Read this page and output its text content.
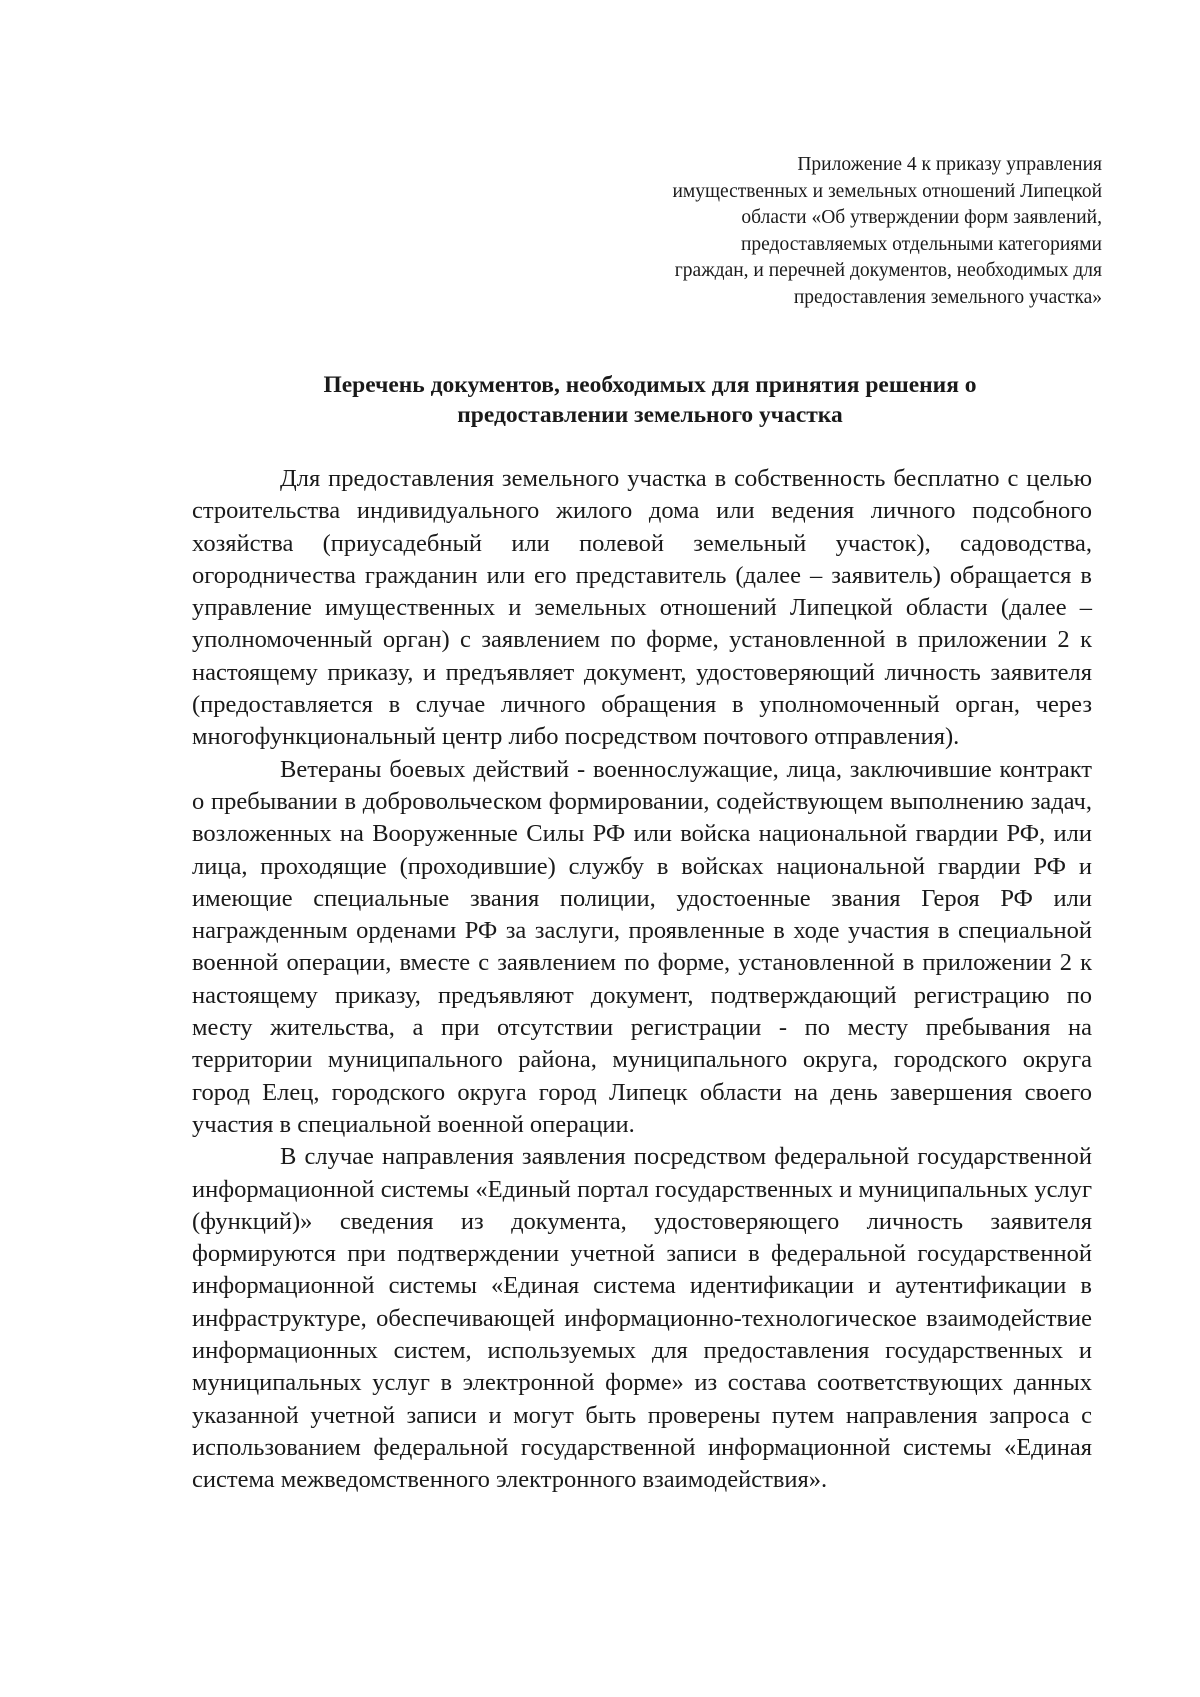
Приложение 4 к приказу управления
имущественных и земельных отношений Липецкой
области «Об утверждении форм заявлений,
предоставляемых отдельными категориями
граждан, и перечней документов, необходимых для
предоставления земельного участка»
Перечень документов, необходимых для принятия решения о
предоставлении земельного участка

Для предоставления земельного участка в собственность бесплатно с целью строительства индивидуального жилого дома или ведения личного подсобного хозяйства (приусадебный или полевой земельный участок), садоводства, огородничества гражданин или его представитель (далее – заявитель) обращается в управление имущественных и земельных отношений Липецкой области (далее – уполномоченный орган) с заявлением по форме, установленной в приложении 2 к настоящему приказу, и предъявляет документ, удостоверяющий личность заявителя (предоставляется в случае личного обращения в уполномоченный орган, через многофункциональный центр либо посредством почтового отправления).

Ветераны боевых действий - военнослужащие, лица, заключившие контракт о пребывании в добровольческом формировании, содействующем выполнению задач, возложенных на Вооруженные Силы РФ или войска национальной гвардии РФ, или лица, проходящие (проходившие) службу в войсках национальной гвардии РФ и имеющие специальные звания полиции, удостоенные звания Героя РФ или награжденным орденами РФ за заслуги, проявленные в ходе участия в специальной военной операции, вместе с заявлением по форме, установленной в приложении 2 к настоящему приказу, предъявляют документ, подтверждающий регистрацию по месту жительства, а при отсутствии регистрации - по месту пребывания на территории муниципального района, муниципального округа, городского округа город Елец, городского округа город Липецк области на день завершения своего участия в специальной военной операции.

В случае направления заявления посредством федеральной государственной информационной системы «Единый портал государственных и муниципальных услуг (функций)» сведения из документа, удостоверяющего личность заявителя формируются при подтверждении учетной записи в федеральной государственной информационной системы «Единая система идентификации и аутентификации в инфраструктуре, обеспечивающей информационно-технологическое взаимодействие информационных систем, используемых для предоставления государственных и муниципальных услуг в электронной форме» из состава соответствующих данных указанной учетной записи и могут быть проверены путем направления запроса с использованием федеральной государственной информационной системы «Единая система межведомственного электронного взаимодействия».
